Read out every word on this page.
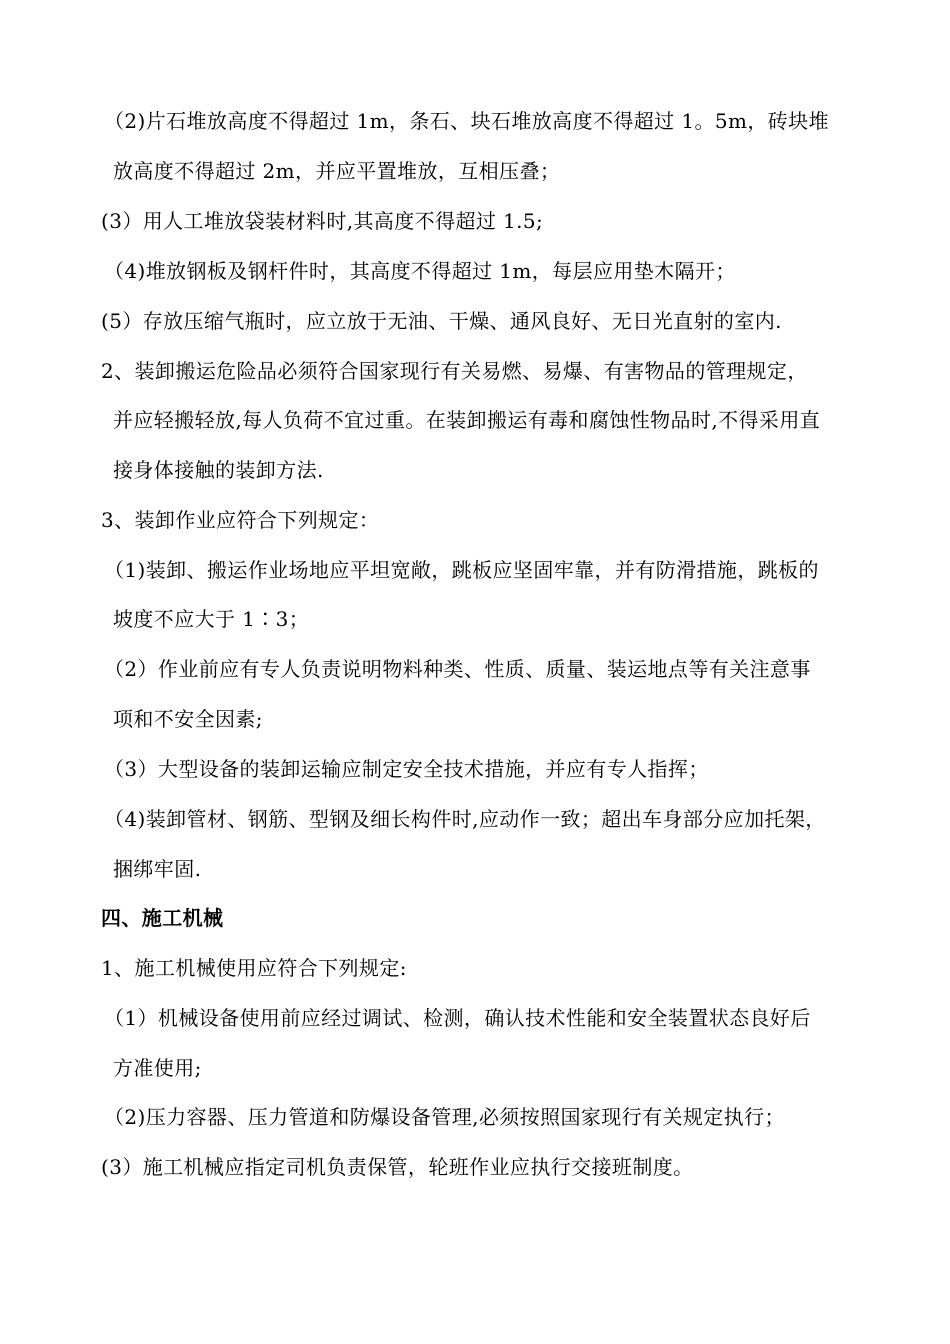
（2)片石堆放高度不得超过 1m，条石、块石堆放高度不得超过 1。5m，砖块堆
放高度不得超过 2m，并应平置堆放，互相压叠；
(3）用人工堆放袋装材料时,其高度不得超过 1.5;
（4)堆放钢板及钢杆件时，其高度不得超过 1m，每层应用垫木隔开；
(5）存放压缩气瓶时，应立放于无油、干燥、通风良好、无日光直射的室内.
2、装卸搬运危险品必须符合国家现行有关易燃、易爆、有害物品的管理规定，
并应轻搬轻放,每人负荷不宜过重。在装卸搬运有毒和腐蚀性物品时,不得采用直
接身体接触的装卸方法.
3、装卸作业应符合下列规定：
（1)装卸、搬运作业场地应平坦宽敞，跳板应坚固牢靠，并有防滑措施，跳板的
坡度不应大于 1∶3；
（2）作业前应有专人负责说明物料种类、性质、质量、装运地点等有关注意事
项和不安全因素;
（3）大型设备的装卸运输应制定安全技术措施，并应有专人指挥；
（4)装卸管材、钢筋、型钢及细长构件时,应动作一致；超出车身部分应加托架，
捆绑牢固.
四、施工机械
1、施工机械使用应符合下列规定:
（1）机械设备使用前应经过调试、检测，确认技术性能和安全装置状态良好后
方准使用;
（2)压力容器、压力管道和防爆设备管理,必须按照国家现行有关规定执行；
(3）施工机械应指定司机负责保管，轮班作业应执行交接班制度。
